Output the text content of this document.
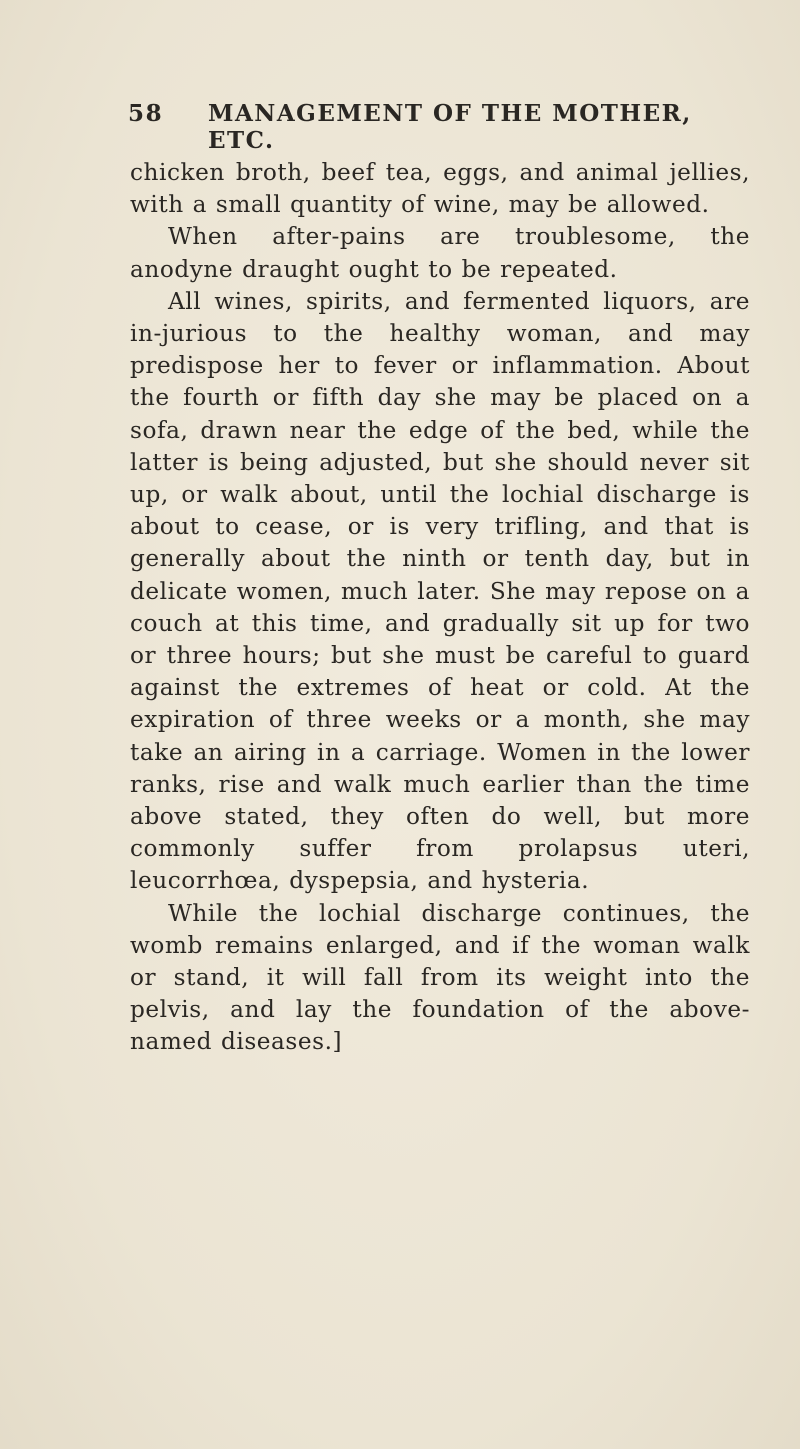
58 MANAGEMENT OF THE MOTHER, ETC.

chicken broth, beef tea, eggs, and animal jellies, with a small quantity of wine, may be allowed.

When after-pains are troublesome, the anodyne draught ought to be repeated.

All wines, spirits, and fermented liquors, are in-jurious to the healthy woman, and may predispose her to fever or inflammation. About the fourth or fifth day she may be placed on a sofa, drawn near the edge of the bed, while the latter is being adjusted, but she should never sit up, or walk about, until the lochial discharge is about to cease, or is very trifling, and that is generally about the ninth or tenth day, but in delicate women, much later. She may repose on a couch at this time, and gradually sit up for two or three hours; but she must be careful to guard against the extremes of heat or cold. At the expiration of three weeks or a month, she may take an airing in a carriage. Women in the lower ranks, rise and walk much earlier than the time above stated, they often do well, but more commonly suffer from prolapsus uteri, leucorrhœa, dyspepsia, and hysteria.

While the lochial discharge continues, the womb remains enlarged, and if the woman walk or stand, it will fall from its weight into the pelvis, and lay the foundation of the above-named diseases.]
